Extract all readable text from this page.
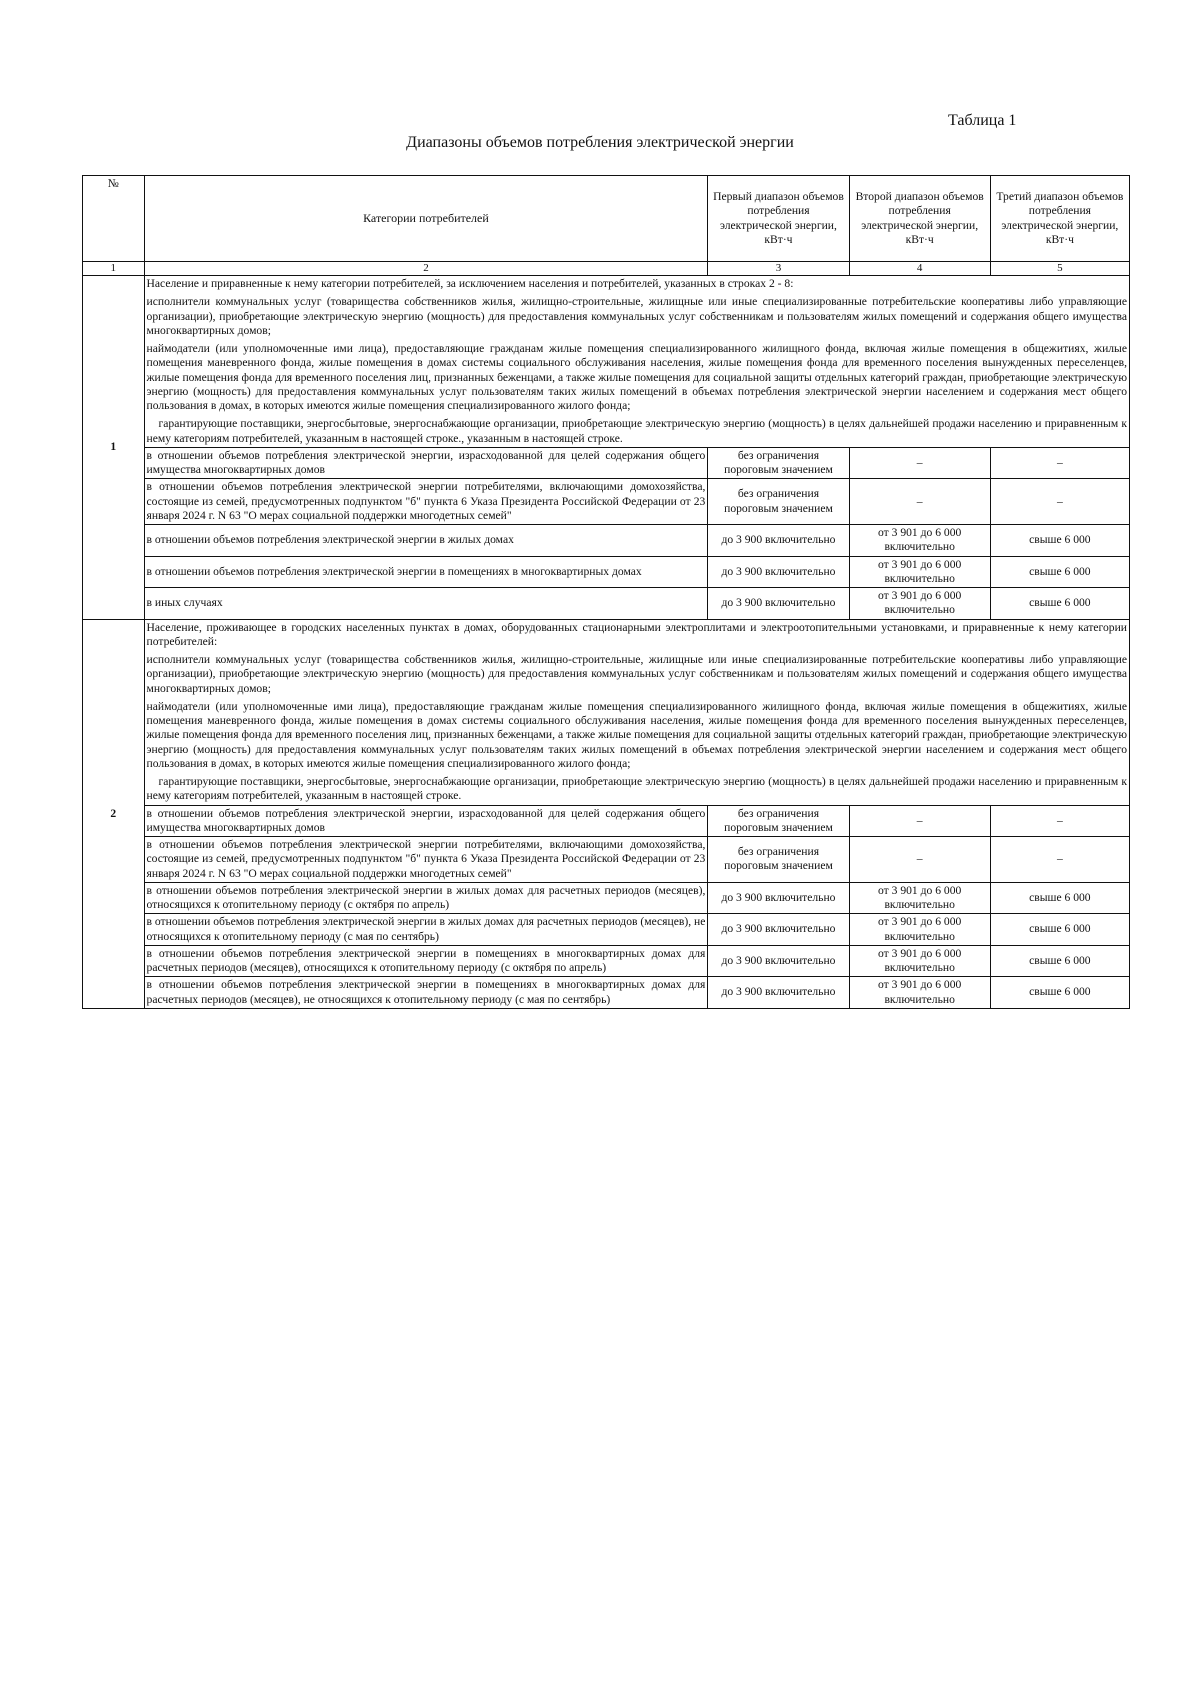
Таблица 1
Диапазоны объемов потребления электрической энергии
№	Категории потребителей	Первый диапазон объемов потребления электрической энергии, кВт·ч	Второй диапазон объемов потребления электрической энергии, кВт·ч	Третий диапазон объемов потребления электрической энергии, кВт·ч
1	2	3	4	5
1	Население и приравненные к нему категории потребителей, за исключением населения и потребителей, указанных в строках 2 - 8:

исполнители коммунальных услуг (товарищества собственников жилья, жилищно-строительные, жилищные или иные специализированные потребительские кооперативы либо управляющие организации), приобретающие электрическую энергию (мощность) для предоставления коммунальных услуг собственникам и пользователям жилых помещений и содержания общего имущества многоквартирных домов;

наймодатели (или уполномоченные ими лица), предоставляющие гражданам жилые помещения специализированного жилищного фонда, включая жилые помещения в общежитиях, жилые помещения маневренного фонда, жилые помещения в домах системы социального обслуживания населения, жилые помещения фонда для временного поселения вынужденных переселенцев, жилые помещения фонда для временного поселения лиц, признанных беженцами, а также жилые помещения для социальной защиты отдельных категорий граждан, приобретающие электрическую энергию (мощность) для предоставления коммунальных услуг пользователям таких жилых помещений в объемах потребления электрической энергии населением и содержания мест общего пользования в домах, в которых имеются жилые помещения специализированного жилого фонда;

гарантирующие поставщики, энергосбытовые, энергоснабжающие организации, приобретающие электрическую энергию (мощность) в целях дальнейшей продажи населению и приравненным к нему категориям потребителей, указанным в настоящей строке., указанным в настоящей строке.			

	в отношении объемов потребления электрической энергии, израсходованной для целей содержания общего имущества многоквартирных домов	без ограничения пороговым значением	–	–
	в отношении объемов потребления электрической энергии потребителями, включающими домохозяйства, состоящие из семей, предусмотренных подпунктом "б" пункта 6 Указа Президента Российской Федерации от 23 января 2024 г. N 63 "О мерах социальной поддержки многодетных семей"	без ограничения пороговым значением	–	–
	в отношении объемов потребления электрической энергии в жилых домах	до 3 900 включительно	от 3 901 до 6 000 включительно	свыше 6 000
	в отношении объемов потребления электрической энергии в помещениях в многоквартирных домах	до 3 900 включительно	от 3 901 до 6 000 включительно	свыше 6 000
	в иных случаях	до 3 900 включительно	от 3 901 до 6 000 включительно	свыше 6 000
2	Население, проживающее в городских населенных пунктах в домах, оборудованных стационарными электроплитами и электроотопительными установками, и приравненные к нему категории потребителей:

исполнители коммунальных услуг (товарищества собственников жилья, жилищно-строительные, жилищные или иные специализированные потребительские кооперативы либо управляющие организации), приобретающие электрическую энергию (мощность) для предоставления коммунальных услуг собственникам и пользователям жилых помещений и содержания общего имущества многоквартирных домов;

наймодатели (или уполномоченные ими лица), предоставляющие гражданам жилые помещения специализированного жилищного фонда, включая жилые помещения в общежитиях, жилые помещения маневренного фонда, жилые помещения в домах системы социального обслуживания населения, жилые помещения фонда для временного поселения вынужденных переселенцев, жилые помещения фонда для временного поселения лиц, признанных беженцами, а также жилые помещения для социальной защиты отдельных категорий граждан, приобретающие электрическую энергию (мощность) для предоставления коммунальных услуг пользователям таких жилых помещений в объемах потребления электрической энергии населением и содержания мест общего пользования в домах, в которых имеются жилые помещения специализированного жилого фонда;

гарантирующие поставщики, энергосбытовые, энергоснабжающие организации, приобретающие электрическую энергию (мощность) в целях дальнейшей продажи населению и приравненным к нему категориям потребителей, указанным в настоящей строке.			

	в отношении объемов потребления электрической энергии, израсходованной для целей содержания общего имущества многоквартирных домов	без ограничения пороговым значением	–	–
	в отношении объемов потребления электрической энергии потребителями, включающими домохозяйства, состоящие из семей, предусмотренных подпунктом "б" пункта 6 Указа Президента Российской Федерации от 23 января 2024 г. N 63 "О мерах социальной поддержки многодетных семей"	без ограничения пороговым значением	–	–
	в отношении объемов потребления электрической энергии в жилых домах для расчетных периодов (месяцев), относящихся к отопительному периоду (с октября по апрель)	до 3 900 включительно	от 3 901 до 6 000 включительно	свыше 6 000
	в отношении объемов потребления электрической энергии в жилых домах для расчетных периодов (месяцев), не относящихся к отопительному периоду (с мая по сентябрь)	до 3 900 включительно	от 3 901 до 6 000 включительно	свыше 6 000
	в отношении объемов потребления электрической энергии в помещениях в многоквартирных домах для расчетных периодов (месяцев), относящихся к отопительному периоду (с октября по апрель)	до 3 900 включительно	от 3 901 до 6 000 включительно	свыше 6 000
	в отношении объемов потребления электрической энергии в помещениях в многоквартирных домах для расчетных периодов (месяцев), не относящихся к отопительному периоду (с мая по сентябрь)	до 3 900 включительно	от 3 901 до 6 000 включительно	свыше 6 000
